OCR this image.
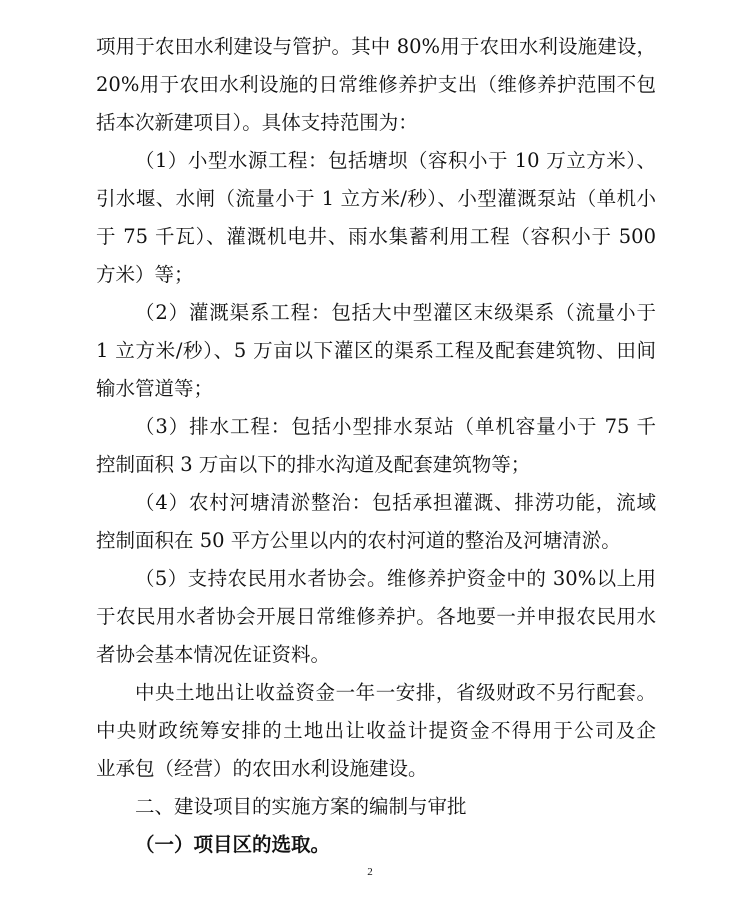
项用于农田水利建设与管护。其中 80%用于农田水利设施建设，
20%用于农田水利设施的日常维修养护支出（维修养护范围不包
括本次新建项目）。具体支持范围为：
（1）小型水源工程：包括塘坝（容积小于 10 万立方米）、
引水堰、水闸（流量小于 1 立方米/秒）、小型灌溉泵站（单机小
于 75 千瓦）、灌溉机电井、雨水集蓄利用工程（容积小于 500
方米）等；
（2）灌溉渠系工程：包括大中型灌区末级渠系（流量小于
1 立方米/秒）、5 万亩以下灌区的渠系工程及配套建筑物、田间
输水管道等；
（3）排水工程：包括小型排水泵站（单机容量小于 75 千
控制面积 3 万亩以下的排水沟道及配套建筑物等；
（4）农村河塘清淤整治：包括承担灌溉、排涝功能，流域
控制面积在 50 平方公里以内的农村河道的整治及河塘清淤。
（5）支持农民用水者协会。维修养护资金中的 30%以上用
于农民用水者协会开展日常维修养护。各地要一并申报农民用水
者协会基本情况佐证资料。
中央土地出让收益资金一年一安排，省级财政不另行配套。
中央财政统筹安排的土地出让收益计提资金不得用于公司及企
业承包（经营）的农田水利设施建设。
二、建设项目的实施方案的编制与审批
（一）项目区的选取。
2
